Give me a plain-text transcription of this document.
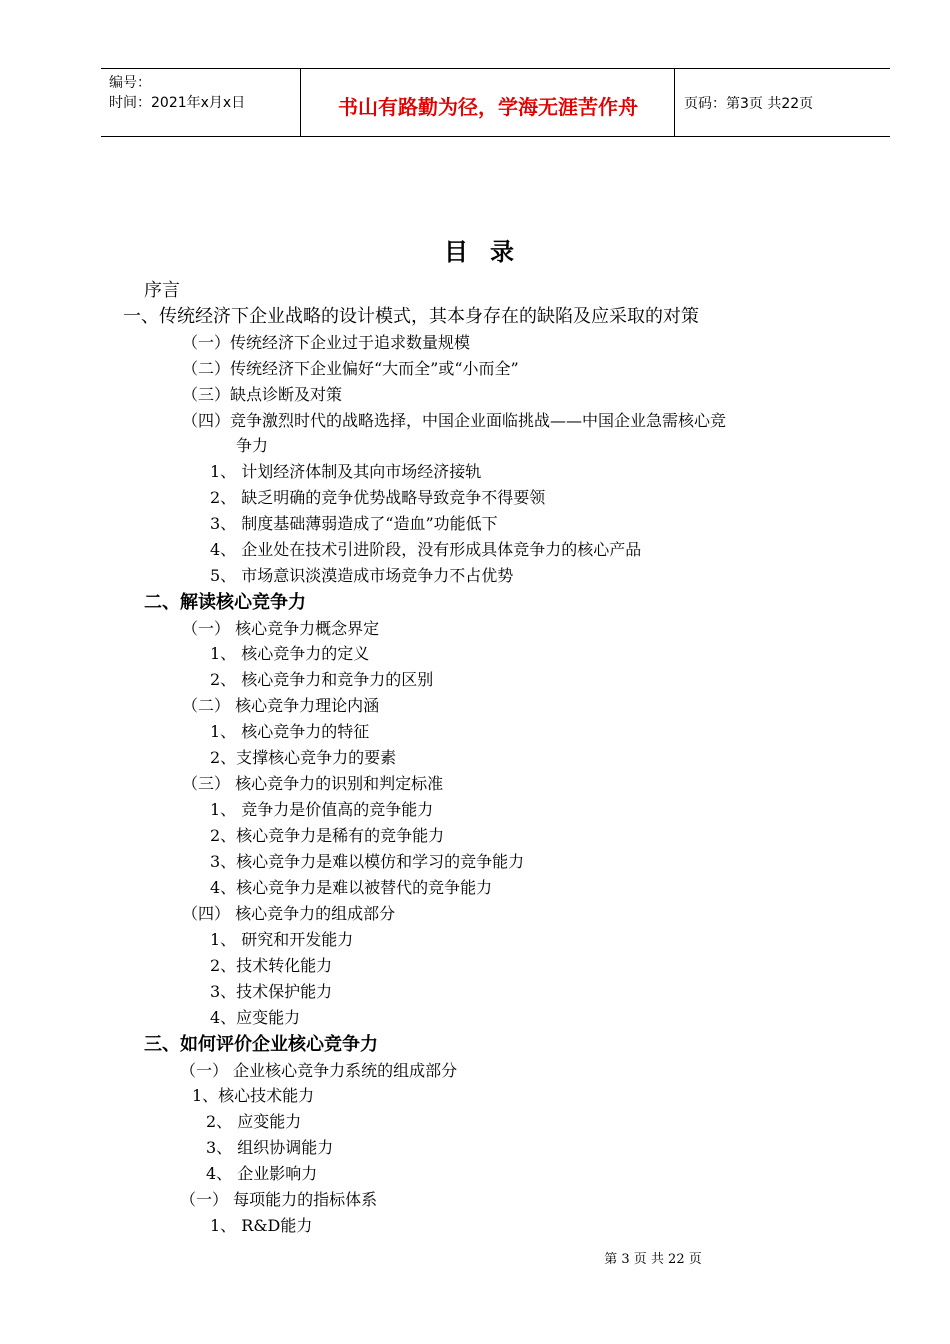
编号：
时间：2021年x月x日	书山有路勤为径，学海无涯苦作舟	页码：第3页 共22页
目录
序言
一、传统经济下企业战略的设计模式，其本身存在的缺陷及应采取的对策
（一）传统经济下企业过于追求数量规模
（二）传统经济下企业偏好“大而全”或“小而全”
（三）缺点诊断及对策
（四）竞争激烈时代的战略选择，中国企业面临挑战——中国企业急需核心竞
争力
1、 计划经济体制及其向市场经济接轨
2、 缺乏明确的竞争优势战略导致竞争不得要领
3、 制度基础薄弱造成了“造血”功能低下
4、 企业处在技术引进阶段，没有形成具体竞争力的核心产品
5、 市场意识淡漠造成市场竞争力不占优势
二、解读核心竞争力
（一） 核心竞争力概念界定
1、 核心竞争力的定义
2、 核心竞争力和竞争力的区别
（二） 核心竞争力理论内涵
1、 核心竞争力的特征
2、支撑核心竞争力的要素
（三） 核心竞争力的识别和判定标准
1、 竞争力是价值高的竞争能力
2、核心竞争力是稀有的竞争能力
3、核心竞争力是难以模仿和学习的竞争能力
4、核心竞争力是难以被替代的竞争能力
（四） 核心竞争力的组成部分
1、 研究和开发能力
2、技术转化能力
3、技术保护能力
4、应变能力
三、如何评价企业核心竞争力
（一） 企业核心竞争力系统的组成部分
1、核心技术能力
2、 应变能力
3、 组织协调能力
4、 企业影响力
（一） 每项能力的指标体系
1、 R&D能力
第 3 页 共 22 页
